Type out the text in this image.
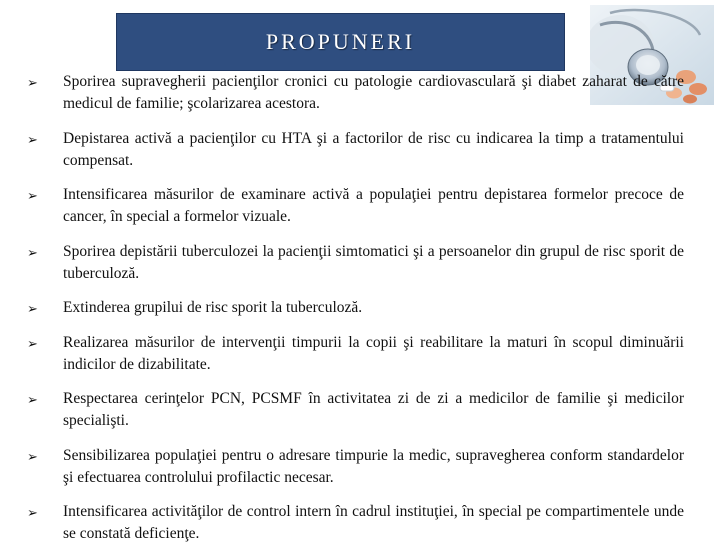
PROPUNERI
➢ Sporirea supravegherii pacienţilor cronici cu patologie cardiovasculară şi diabet zaharat de către medicul de familie; şcolarizarea acestora.
➢ Depistarea activă a pacienţilor cu HTA şi a factorilor de risc cu indicarea la timp a tratamentului compensat.
➢ Intensificarea măsurilor de examinare activă a populaţiei pentru depistarea formelor precoce de cancer, în special a formelor vizuale.
➢ Sporirea depistării tuberculozei la pacienţii simtomatici şi a persoanelor din grupul de risc sporit de tuberculoză.
➢ Extinderea grupilui de risc sporit la tuberculoză.
➢ Realizarea măsurilor de intervenţii timpurii la copii şi reabilitare la maturi în scopul diminuării indicilor de dizabilitate.
➢ Respectarea cerinţelor PCN, PCSMF în activitatea zi de zi a medicilor de familie şi medicilor specialişti.
➢ Sensibilizarea populaţiei pentru o adresare timpurie la medic, supravegherea conform standardelor şi efectuarea controlului profilactic necesar.
➢ Intensificarea activităţilor de control intern în cadrul instituţiei, în special pe compartimentele unde se constată deficienţe.
